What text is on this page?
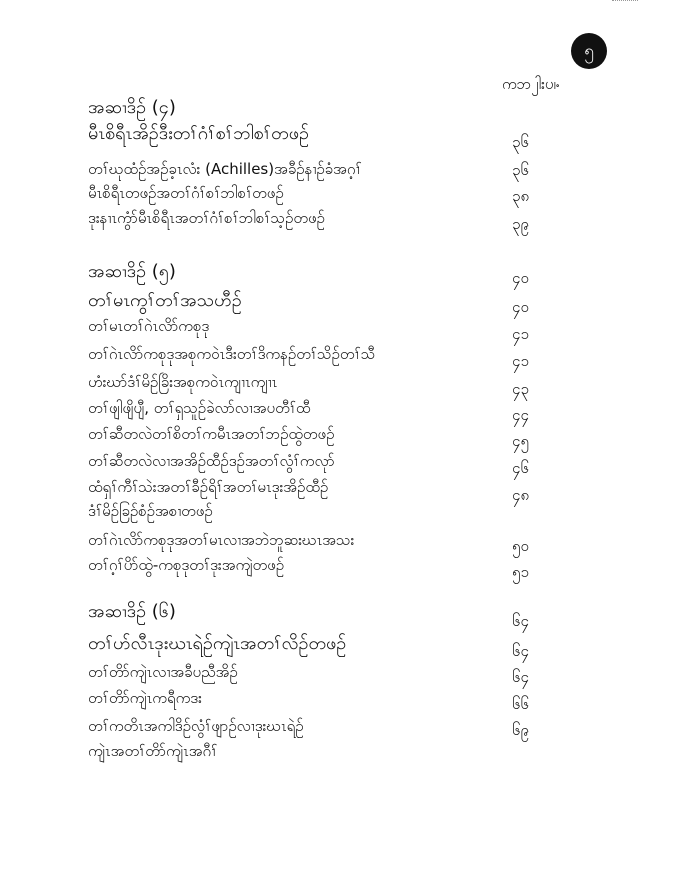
၅
ကဘ၂ါးပ၊ႋ
အဆၢဒိဉ် (၄)
မီၤစိရီၤအိဉ်ဒီးတၢ်ဂံၢ်စၢ်ဘါစၢ်တဖဉ်	၃၆
တၢ်ဃုထံဉ်အဉ်ခ့ၤလံး (Achilles)အခီဉ်နၢဉ်ခံအဂ့ၢ်	၃၆
မီၤစိရီၤတဖဉ်အတၢ်ဂံၢ်စၢ်ဘါစၢ်တဖဉ်	၃၈
ဒုးနၢၤကွံာ်မီၤစိရီၤအတၢ်ဂံၢ်စၢ်ဘါစၢ်သ့ဉ်တဖဉ်	၃၉
အဆၢဒိဉ် (၅)	၄၀
တၢ်မၤကွၢ်တၢ်အသဟီဉ်	၄၀
တၢ်မၤတၢ်ဂဲၤလိာ်ကစုဒု	၄၁
တၢ်ဂဲၤလိာ်ကစုဒုအစုကဝဲၤဒီးတၢ်ဒိကနဉ်တၢ်သိဉ်တၢ်သီ	၄၁
ဟံးဃာ်ဒံၢ်မိဉ်ခြိးအစုကဝဲၤကျၢၤကျၢၤ	၄၃
တၢ်ဖျါဖျိပျီ, တၢ်ရှသူဉ်ခဲလာ်လၢအပတီၢ်ထီ	၄၄
တၢ်ဆီတလဲတၢ်စိတၢ်ကမီၤအတၢ်ဘဉ်ထွဲတဖဉ်	၄၅
တၢ်ဆီတလဲလၢအအိဉ်ထီဉ်ဒဉ်အတၢ်လွံၢ်ကလုာ်	၄၆
ထံရှၢ်ကီၢ်သဲးအတၢ်ခီဉ်ရိၢ်အတၢ်မၤဒုးအိဉ်ထီဉ်	၄၈
ဒံၢ်မိဉ်ခြဉ်စံဉ်အစၢတဖဉ်
တၢ်ဂဲၤလိာ်ကစုဒုအတၢ်မၤလၢအဘဲဘူဆးဃၤအသး	၅၀
တၢ်ဂ့ၢ်ပိာ်ထွဲ-ကစုဒုတၢ်ဒုးအကျဲတဖဉ်	၅၁
အဆၢဒိဉ် (၆)	၆၄
တၢ်ဟ်လီၤဒုးဃၤရဲဉ်ကျဲၤအတၢ်လိဉ်တဖဉ်	၆၄
တၢ်တိာ်ကျဲၤလၢအခီပညီအိဉ်	၆၄
တၢ်တိာ်ကျဲၤကရီကဒး	၆၆
တၢ်ကတိၤအကါဒိဉ်လွံၢ်ဖျာဉ်လၢဒုးဃၤရဲဉ်	၆၉
ကျဲၤအတၢ်တိာ်ကျဲၤအဂီၢ်
